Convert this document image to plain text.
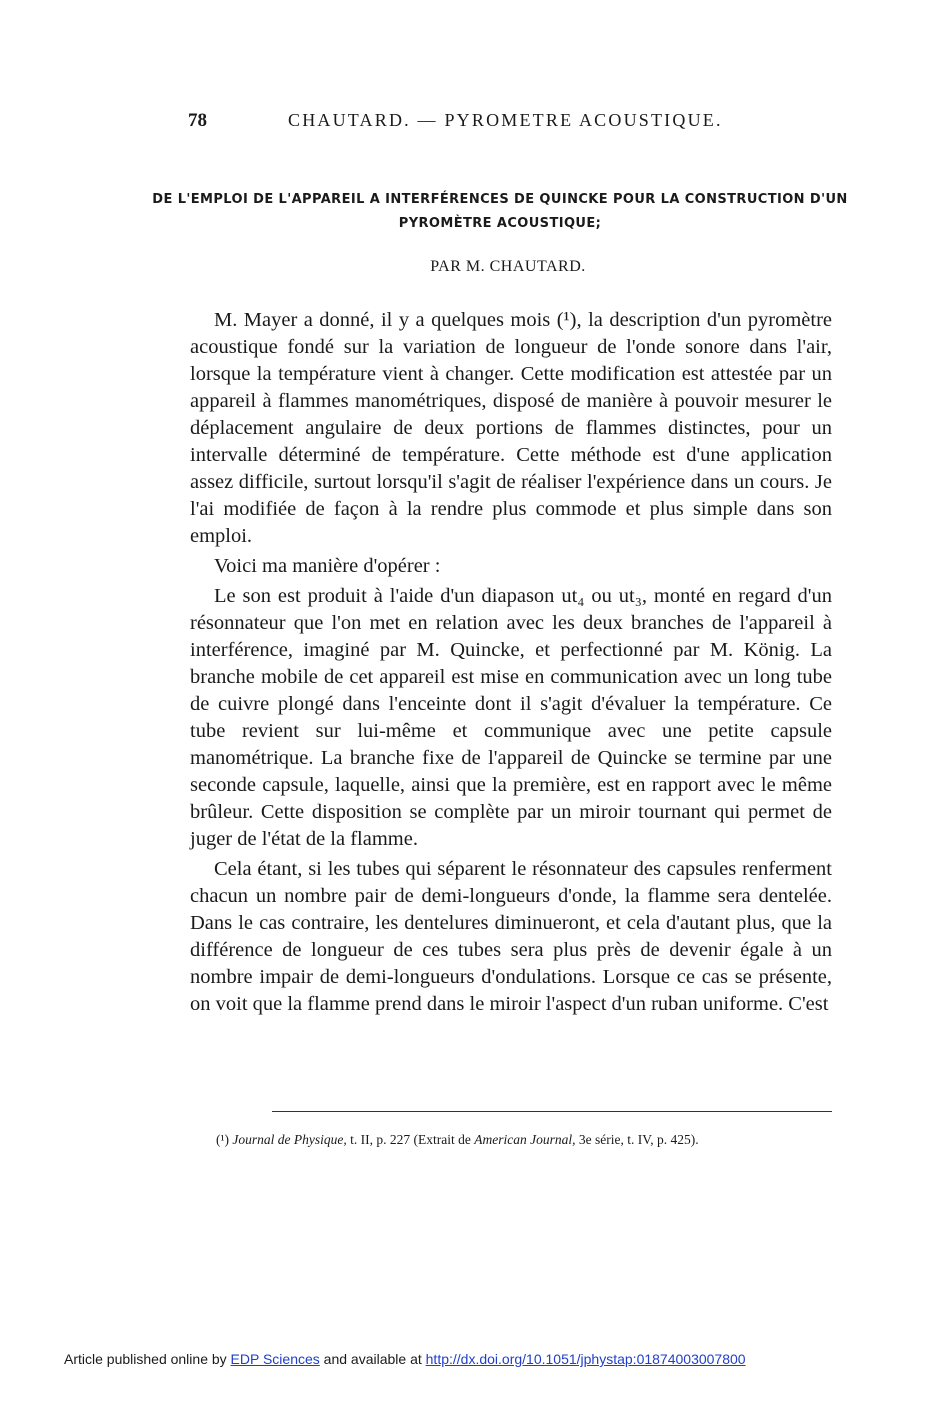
78	CHAUTARD. — PYROMETRE ACOUSTIQUE.
DE L'EMPLOI DE L'APPAREIL A INTERFÉRENCES DE QUINCKE POUR LA CONSTRUCTION D'UN PYROMÈTRE ACOUSTIQUE;
PAR M. CHAUTARD.

M. Mayer a donné, il y a quelques mois (¹), la description d'un pyromètre acoustique fondé sur la variation de longueur de l'onde sonore dans l'air, lorsque la température vient à changer. Cette modification est attestée par un appareil à flammes manométriques, disposé de manière à pouvoir mesurer le déplacement angulaire de deux portions de flammes distinctes, pour un intervalle déterminé de température. Cette méthode est d'une application assez difficile, surtout lorsqu'il s'agit de réaliser l'expérience dans un cours. Je l'ai modifiée de façon à la rendre plus commode et plus simple dans son emploi.

Voici ma manière d'opérer :

Le son est produit à l'aide d'un diapason ut₄ ou ut₃, monté en regard d'un résonnateur que l'on met en relation avec les deux branches de l'appareil à interférence, imaginé par M. Quincke, et perfectionné par M. König. La branche mobile de cet appareil est mise en communication avec un long tube de cuivre plongé dans l'enceinte dont il s'agit d'évaluer la température. Ce tube revient sur lui-même et communique avec une petite capsule manométrique. La branche fixe de l'appareil de Quincke se termine par une seconde capsule, laquelle, ainsi que la première, est en rapport avec le même brûleur. Cette disposition se complète par un miroir tournant qui permet de juger de l'état de la flamme.

Cela étant, si les tubes qui séparent le résonnateur des capsules renferment chacun un nombre pair de demi-longueurs d'onde, la flamme sera dentelée. Dans le cas contraire, les dentelures diminueront, et cela d'autant plus, que la différence de longueur de ces tubes sera plus près de devenir égale à un nombre impair de demi-longueurs d'ondulations. Lorsque ce cas se présente, on voit que la flamme prend dans le miroir l'aspect d'un ruban uniforme. C'est

(¹) Journal de Physique, t. II, p. 227 (Extrait de American Journal, 3e série, t. IV, p. 425).
Article published online by EDP Sciences and available at http://dx.doi.org/10.1051/jphystap:01874003007800
